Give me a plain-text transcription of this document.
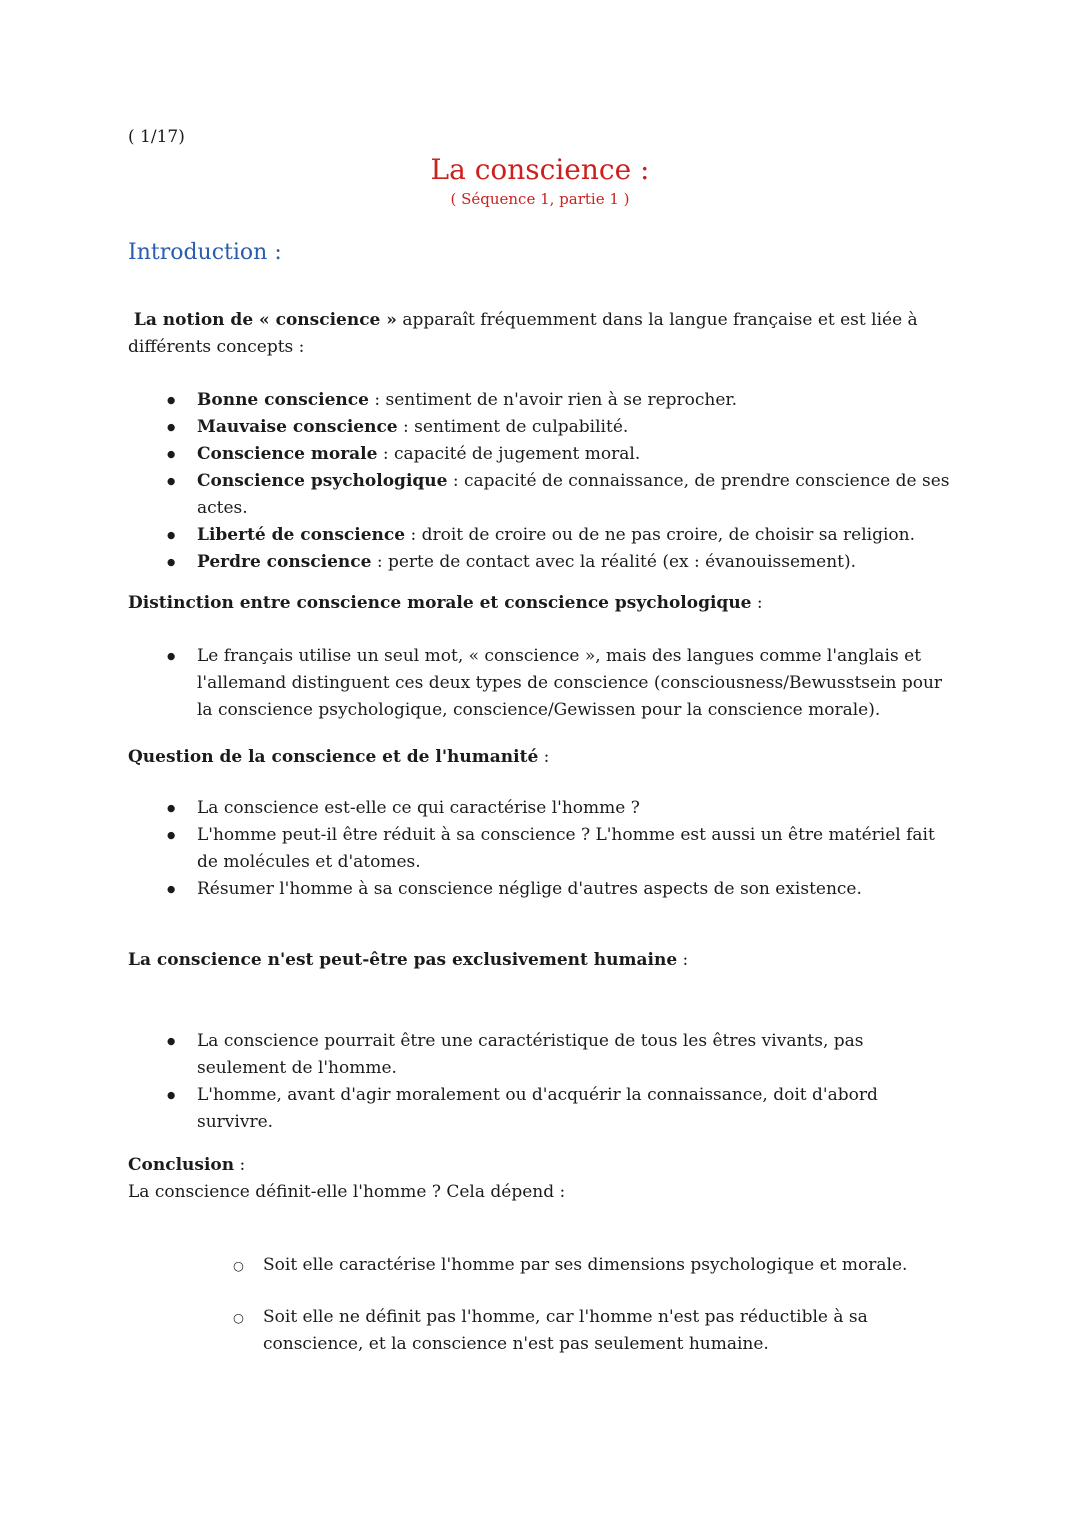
( 1/17)
La conscience :
( Séquence 1, partie 1 )
Introduction :

La notion de « conscience » apparaît fréquemment dans la langue française et est liée à différents concepts :

●	Bonne conscience : sentiment de n'avoir rien à se reprocher.
●	Mauvaise conscience : sentiment de culpabilité.
●	Conscience morale : capacité de jugement moral.
●	Conscience psychologique : capacité de connaissance, de prendre conscience de ses actes.
●	Liberté de conscience : droit de croire ou de ne pas croire, de choisir sa religion.
●	Perdre conscience : perte de contact avec la réalité (ex : évanouissement).
Distinction entre conscience morale et conscience psychologique :
●	Le français utilise un seul mot, « conscience », mais des langues comme l'anglais et l'allemand distinguent ces deux types de conscience (consciousness/Bewusstsein pour la conscience psychologique, conscience/Gewissen pour la conscience morale).
Question de la conscience et de l'humanité :
●	La conscience est-elle ce qui caractérise l'homme ?
●	L'homme peut-il être réduit à sa conscience ? L'homme est aussi un être matériel fait de molécules et d'atomes.
●	Résumer l'homme à sa conscience néglige d'autres aspects de son existence.
La conscience n'est peut-être pas exclusivement humaine :
●	La conscience pourrait être une caractéristique de tous les êtres vivants, pas seulement de l'homme.
●	L'homme, avant d'agir moralement ou d'acquérir la connaissance, doit d'abord survivre.
Conclusion :

La conscience définit-elle l'homme ? Cela dépend :

○	Soit elle caractérise l'homme par ses dimensions psychologique et morale.
○	Soit elle ne définit pas l'homme, car l'homme n'est pas réductible à sa conscience, et la conscience n'est pas seulement humaine.
